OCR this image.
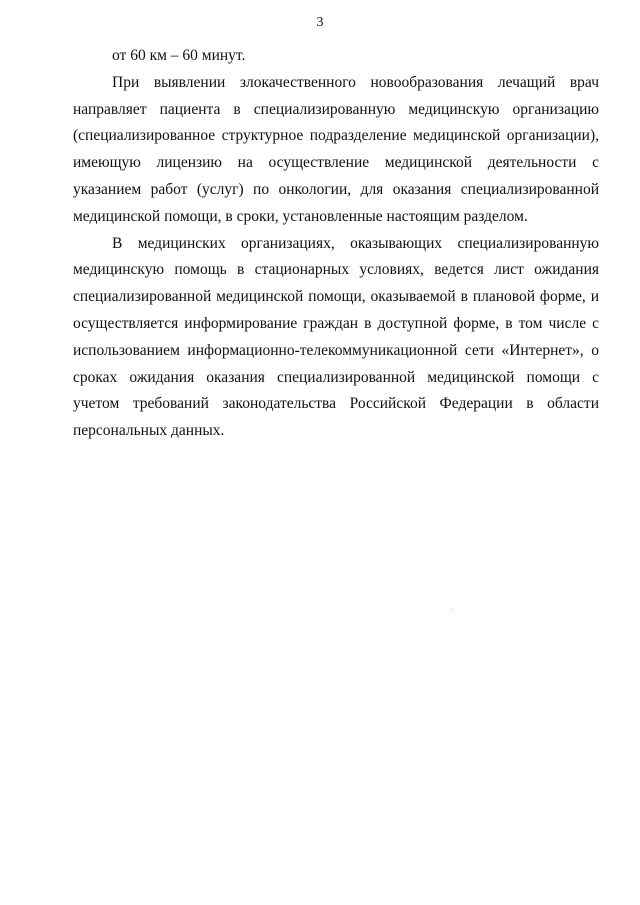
3

от 60 км – 60 минут.

При выявлении злокачественного новообразования лечащий врач направляет пациента в специализированную медицинскую организацию (специализированное структурное подразделение медицинской организации), имеющую лицензию на осуществление медицинской деятельности с указанием работ (услуг) по онкологии, для оказания специализированной медицинской помощи, в сроки, установленные настоящим разделом.

В медицинских организациях, оказывающих специализированную медицинскую помощь в стационарных условиях, ведется лист ожидания специализированной медицинской помощи, оказываемой в плановой форме, и осуществляется информирование граждан в доступной форме, в том числе с использованием информационно-телекоммуникационной сети «Интернет», о сроках ожидания оказания специализированной медицинской помощи с учетом требований законодательства Российской Федерации в области персональных данных.
